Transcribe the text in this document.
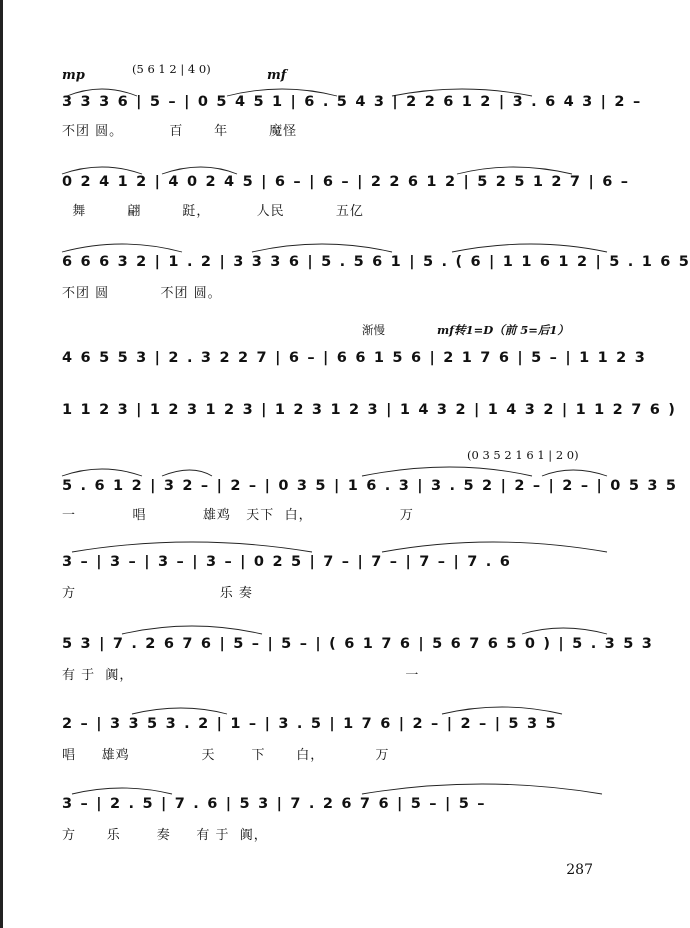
mp	(5 6 1 2 | 4 0)	mf
3 3 3 6 | 5 – | 0 5 4 5 1 | 6 . 5 4 3 | 2 2 6 1 2 | 3 . 6 4 3 | 2 –
不团 圆。         百      年        魔怪
0 2 4 1 2 | 4 0 2 4 5 | 6 – | 6 – | 2 2 6 1 2 | 5 2 5 1 2 7 | 6 –
舞        翩        跹，         人民          五亿
6 6 6 3 2 | 1 . 2 | 3 3 3 6 | 5 . 5 6 1 | 5 . ( 6 | 1 1 6 1 2 | 5 . 1 6 5
不团 圆          不团 圆。
渐慢	mf转1=D（前 5=后1）
4 6 5 5 3 | 2 . 3 2 2 7 | 6 – | 6 6 1 5 6 | 2 1 7 6 | 5 – | 1 1 2 3
1 1 2 3 | 1 2 3 1 2 3 | 1 2 3 1 2 3 | 1 4 3 2 | 1 4 3 2 | 1 1 2 7 6 )
(0 3 5 2 1 6 1 | 2 0)
5 . 6 1 2 | 3 2 – | 2 – | 0 3 5 | 1 6 . 3 | 3 . 5 2 | 2 – | 2 – | 0 5 3 5
一           唱           雄鸡   天下  白，                 万
3 – | 3 – | 3 – | 3 – | 0 2 5 | 7 – | 7 – | 7 – | 7 . 6
方                            乐 奏
5 3 | 7 . 2 6 7 6 | 5 – | 5 – | ( 6 1 7 6 | 5 6 7 6 5 0 ) | 5 . 3 5 3
有 于  阗，                                                     一
2 – | 3 3 5 3 . 2 | 1 – | 3 . 5 | 1 7 6 | 2 – | 2 – | 5 3 5
唱     雄鸡              天       下      白，          万
3 – | 2 . 5 | 7 . 6 | 5 3 | 7 . 2 6 7 6 | 5 – | 5 –
方      乐       奏     有 于  阗，
287
